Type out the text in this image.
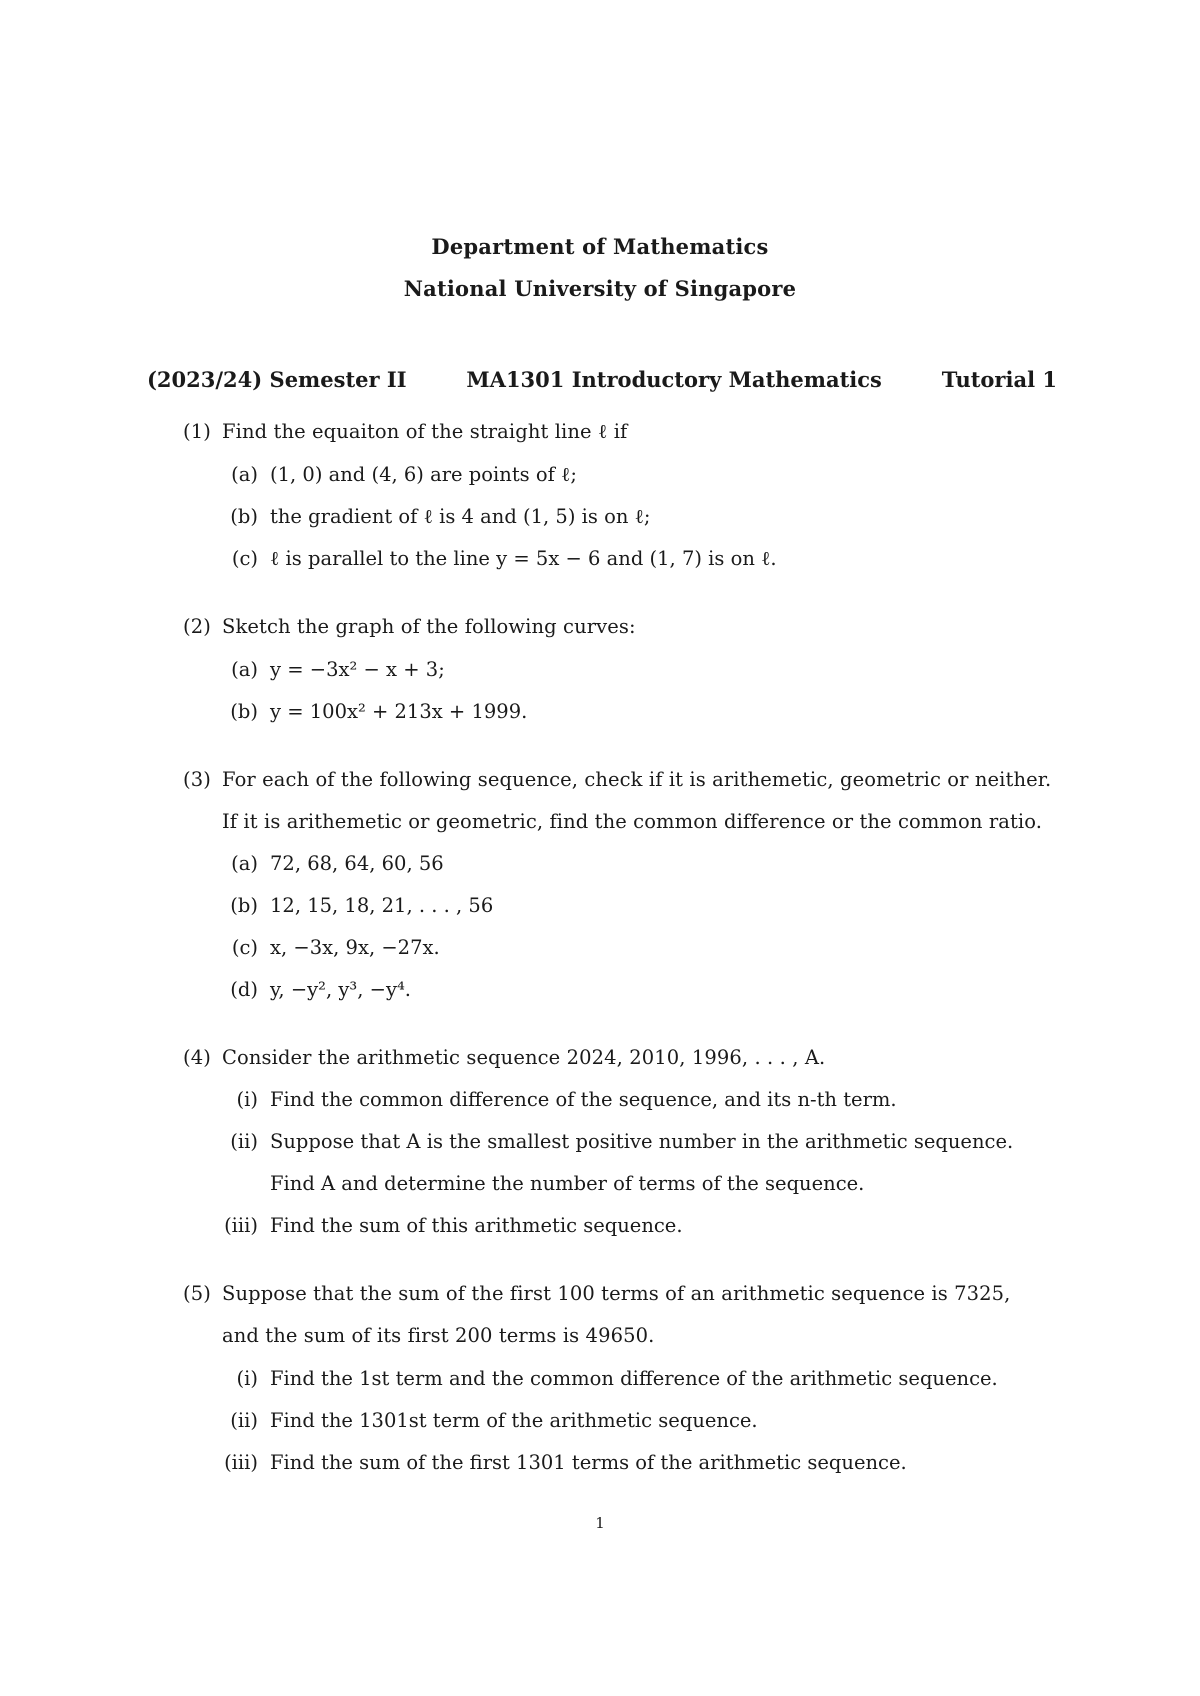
Department of Mathematics
National University of Singapore
(2023/24) Semester II	MA1301 Introductory Mathematics	Tutorial 1
(1) Find the equaiton of the straight line ℓ if
(a) (1, 0) and (4, 6) are points of ℓ;
(b) the gradient of ℓ is 4 and (1, 5) is on ℓ;
(c) ℓ is parallel to the line y = 5x − 6 and (1, 7) is on ℓ.
(2) Sketch the graph of the following curves:
(a) y = −3x² − x + 3;
(b) y = 100x² + 213x + 1999.
(3) For each of the following sequence, check if it is arithemetic, geometric or neither.
If it is arithemetic or geometric, find the common difference or the common ratio.
(a) 72, 68, 64, 60, 56
(b) 12, 15, 18, 21, . . . , 56
(c) x, −3x, 9x, −27x.
(d) y, −y², y³, −y⁴.
(4) Consider the arithmetic sequence 2024, 2010, 1996, . . . , A.
(i) Find the common difference of the sequence, and its n-th term.
(ii) Suppose that A is the smallest positive number in the arithmetic sequence.
Find A and determine the number of terms of the sequence.
(iii) Find the sum of this arithmetic sequence.
(5) Suppose that the sum of the first 100 terms of an arithmetic sequence is 7325,
and the sum of its first 200 terms is 49650.
(i) Find the 1st term and the common difference of the arithmetic sequence.
(ii) Find the 1301st term of the arithmetic sequence.
(iii) Find the sum of the first 1301 terms of the arithmetic sequence.
1
